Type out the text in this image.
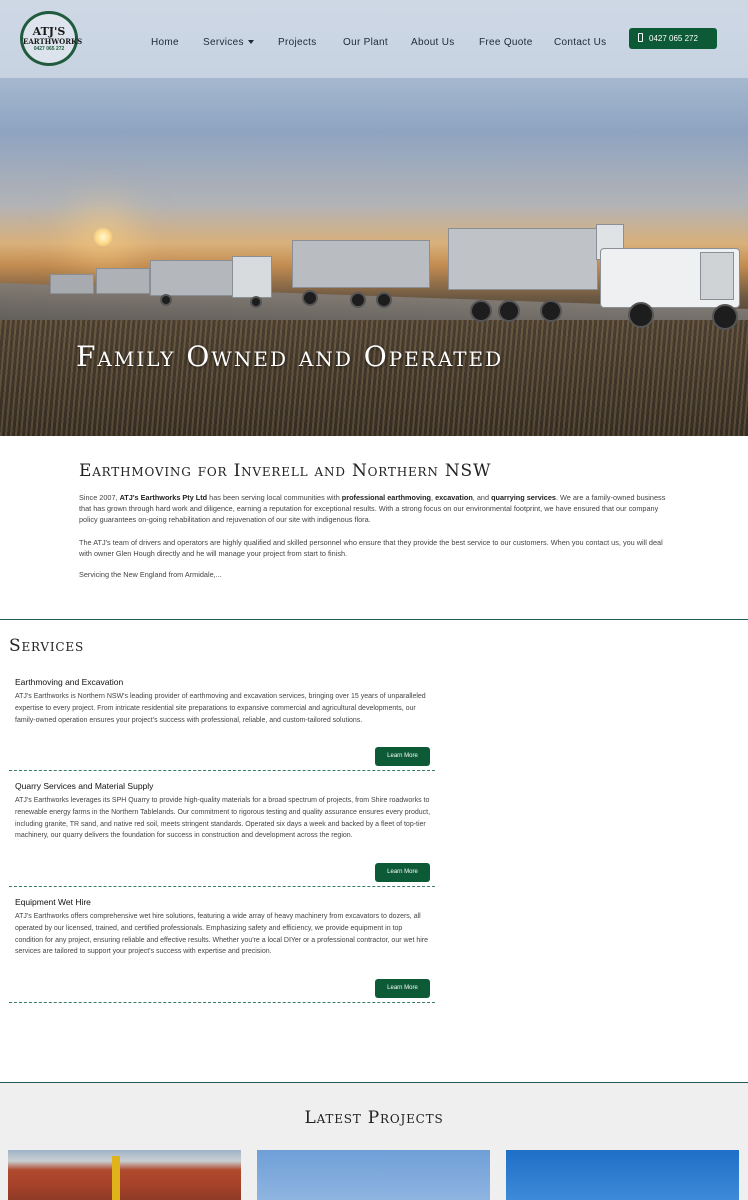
Family Owned and Operated
ATJ'S
EARTHWORKS
0427 065 272
Home Services	Projects	Our Plant About Us Free Quote Contact Us	0427 065 272
Earthmoving for Inverell and Northern NSW

Since 2007, ATJ's Earthworks Pty Ltd has been serving local communities with professional earthmoving, excavation, and quarrying services. We are a family-owned business that has grown through hard work and diligence, earning a reputation for exceptional results. With a strong focus on our environmental footprint, we have ensured that our company policy guarantees on-going rehabilitation and rejuvenation of our site with indigenous flora.

The ATJ's team of drivers and operators are highly qualified and skilled personnel who ensure that they provide the best service to our customers. When you contact us, you will deal with owner Glen Hough directly and he will manage your project from start to finish.

Servicing the New England from Armidale,...

Services
Earthmoving and Excavation

ATJ's Earthworks is Northern NSW's leading provider of earthmoving and excavation services, bringing over 15 years of unparalleled expertise to every project. From intricate residential site preparations to expansive commercial and agricultural developments, our family-owned operation ensures your project's success with professional, reliable, and custom-tailored solutions.

Learn More
Quarry Services and Material Supply

ATJ's Earthworks leverages its SPH Quarry to provide high-quality materials for a broad spectrum of projects, from Shire roadworks to renewable energy farms in the Northern Tablelands. Our commitment to rigorous testing and quality assurance ensures every product, including granite, TR sand, and native red soil, meets stringent standards. Operated six days a week and backed by a fleet of top-tier machinery, our quarry delivers the foundation for success in construction and development across the region.

Learn More
Equipment Wet Hire

ATJ's Earthworks offers comprehensive wet hire solutions, featuring a wide array of heavy machinery from excavators to dozers, all operated by our licensed, trained, and certified professionals. Emphasizing safety and efficiency, we provide equipment in top condition for any project, ensuring reliable and effective results. Whether you're a local DIYer or a professional contractor, our wet hire services are tailored to support your project's success with expertise and precision.

Learn More
Latest Projects
